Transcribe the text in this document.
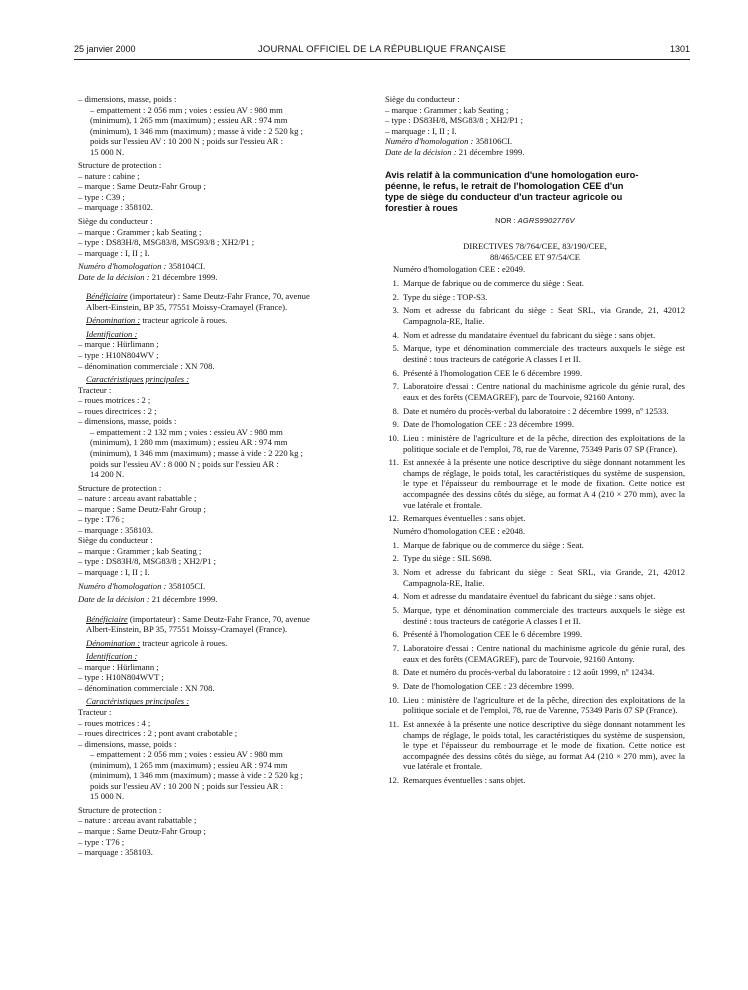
25 janvier 2000	JOURNAL OFFICIEL DE LA RÉPUBLIQUE FRANÇAISE	1301
– dimensions, masse, poids :
– empattement : 2 056 mm ; voies : essieu AV : 980 mm
(minimum), 1 265 mm (maximum) ; essieu AR : 974 mm
(minimum), 1 346 mm (maximum) ; masse à vide : 2 520 kg ;
poids sur l'essieu AV : 10 200 N ; poids sur l'essieu AR :
15 000 N.
Structure de protection :
– nature : cabine ;
– marque : Same Deutz-Fahr Group ;
– type : C39 ;
– marquage : 358102.
Siège du conducteur :
– marque : Grammer ; kab Seating ;
– type : DS83H/8, MSG83/8, MSG93/8 ; XH2/P1 ;
– marquage : I, II ; I.
Numéro d'homologation : 358104CI.
Date de la décision : 21 décembre 1999.
Bénéficiaire (importateur) : Same Deutz-Fahr France, 70, avenue
Albert-Einstein, BP 35, 77551 Moissy-Cramayel (France).
Dénomination : tracteur agricole à roues.
Identification :
– marque : Hürlimann ;
– type : H10N804WV ;
– dénomination commerciale : XN 708.
Caractéristiques principales :
Tracteur :
– roues motrices : 2 ;
– roues directrices : 2 ;
– dimensions, masse, poids :
– empattement : 2 132 mm ; voies : essieu AV : 980 mm
(minimum), 1 280 mm (maximum) ; essieu AR : 974 mm
(minimum), 1 346 mm (maximum) ; masse à vide : 2 220 kg ;
poids sur l'essieu AV : 8 000 N ; poids sur l'essieu AR :
14 200 N.
Structure de protection :
– nature : arceau avant rabattable ;
– marque : Same Deutz-Fahr Group ;
– type : T76 ;
– marquage : 358103.
Siège du conducteur :
– marque : Grammer ; kab Seating ;
– type : DS83H/8, MSG83/8 ; XH2/P1 ;
– marquage : I, II ; I.
Numéro d'homologation : 358105CI.
Date de la décision : 21 décembre 1999.
Bénéficiaire (importateur) : Same Deutz-Fahr France, 70, avenue
Albert-Einstein, BP 35, 77551 Moissy-Cramayel (France).
Dénomination : tracteur agricole à roues.
Identification :
– marque : Hürlimann ;
– type : H10N804WVT ;
– dénomination commerciale : XN 708.
Caractéristiques principales :
Tracteur :
– roues motrices : 4 ;
– roues directrices : 2 ; pont avant crabotable ;
– dimensions, masse, poids :
– empattement : 2 056 mm ; voies : essieu AV : 980 mm
(minimum), 1 265 mm (maximum) ; essieu AR : 974 mm
(minimum), 1 346 mm (maximum) ; masse à vide : 2 520 kg ;
poids sur l'essieu AV : 10 200 N ; poids sur l'essieu AR :
15 000 N.
Structure de protection :
– nature : arceau avant rabattable ;
– marque : Same Deutz-Fahr Group ;
– type : T76 ;
– marquage : 358103.
Siège du conducteur :
– marque : Grammer ; kab Seating ;
– type : DS83H/8, MSG83/8 ; XH2/P1 ;
– marquage : I, II ; I.
Numéro d'homologation : 358106CI.
Date de la décision : 21 décembre 1999.
Avis relatif à la communication d'une homologation euro-
péenne, le refus, le retrait de l'homologation CEE d'un
type de siège du conducteur d'un tracteur agricole ou
forestier à roues
NOR : AGRS9902776V
DIRECTIVES 78/764/CEE, 83/190/CEE,
88/465/CEE ET 97/54/CE
Numéro d'homologation CEE : e2049.
1. Marque de fabrique ou de commerce du siège : Seat.
2. Type du siège : TOP-S3.
3. Nom et adresse du fabricant du siège : Seat SRL, via Grande, 21, 42012 Campagnola-RE, Italie.
4. Nom et adresse du mandataire éventuel du fabricant du siège : sans objet.
5. Marque, type et dénomination commerciale des tracteurs auxquels le siège est destiné : tous tracteurs de catégorie A classes I et II.
6. Présenté à l'homologation CEE le 6 décembre 1999.
7. Laboratoire d'essai : Centre national du machinisme agricole du génie rural, des eaux et des forêts (CEMAGREF), parc de Tourvoie, 92160 Antony.
8. Date et numéro du procès-verbal du laboratoire : 2 décembre 1999, nº 12533.
9. Date de l'homologation CEE : 23 décembre 1999.
10. Lieu : ministère de l'agriculture et de la pêche, direction des exploitations de la politique sociale et de l'emploi, 78, rue de Varenne, 75349 Paris 07 SP (France).
11. Est annexée à la présente une notice descriptive du siège donnant notamment les champs de réglage, le poids total, les caractéristiques du système de suspension, le type et l'épaisseur du rembourrage et le mode de fixation. Cette notice est accompagnée des dessins côtés du siège, au format A 4 (210 × 270 mm), avec la vue latérale et frontale.
12. Remarques éventuelles : sans objet.
Numéro d'homologation CEE : e2048.
1. Marque de fabrique ou de commerce du siège : Seat.
2. Type du siège : SIL S698.
3. Nom et adresse du fabricant du siège : Seat SRL, via Grande, 21, 42012 Campagnola-RE, Italie.
4. Nom et adresse du mandataire éventuel du fabricant du siège : sans objet.
5. Marque, type et dénomination commerciale des tracteurs auxquels le siège est destiné : tous tracteurs de catégorie A classes I et II.
6. Présenté à l'homologation CEE le 6 décembre 1999.
7. Laboratoire d'essai : Centre national du machinisme agricole du génie rural, des eaux et des forêts (CEMAGREF), parc de Tourvoie, 92160 Antony.
8. Date et numéro du procès-verbal du laboratoire : 12 août 1999, nº 12434.
9. Date de l'homologation CEE : 23 décembre 1999.
10. Lieu : ministère de l'agriculture et de la pêche, direction des exploitations de la politique sociale et de l'emploi, 78, rue de Varenne, 75349 Paris 07 SP (France).
11. Est annexée à la présente une notice descriptive du siège donnant notamment les champs de réglage, le poids total, les caractéristiques du système de suspension, le type et l'épaisseur du rembourrage et le mode de fixation. Cette notice est accompagnée des dessins côtés du siège, au format A4 (210 × 270 mm), avec la vue latérale et frontale.
12. Remarques éventuelles : sans objet.
